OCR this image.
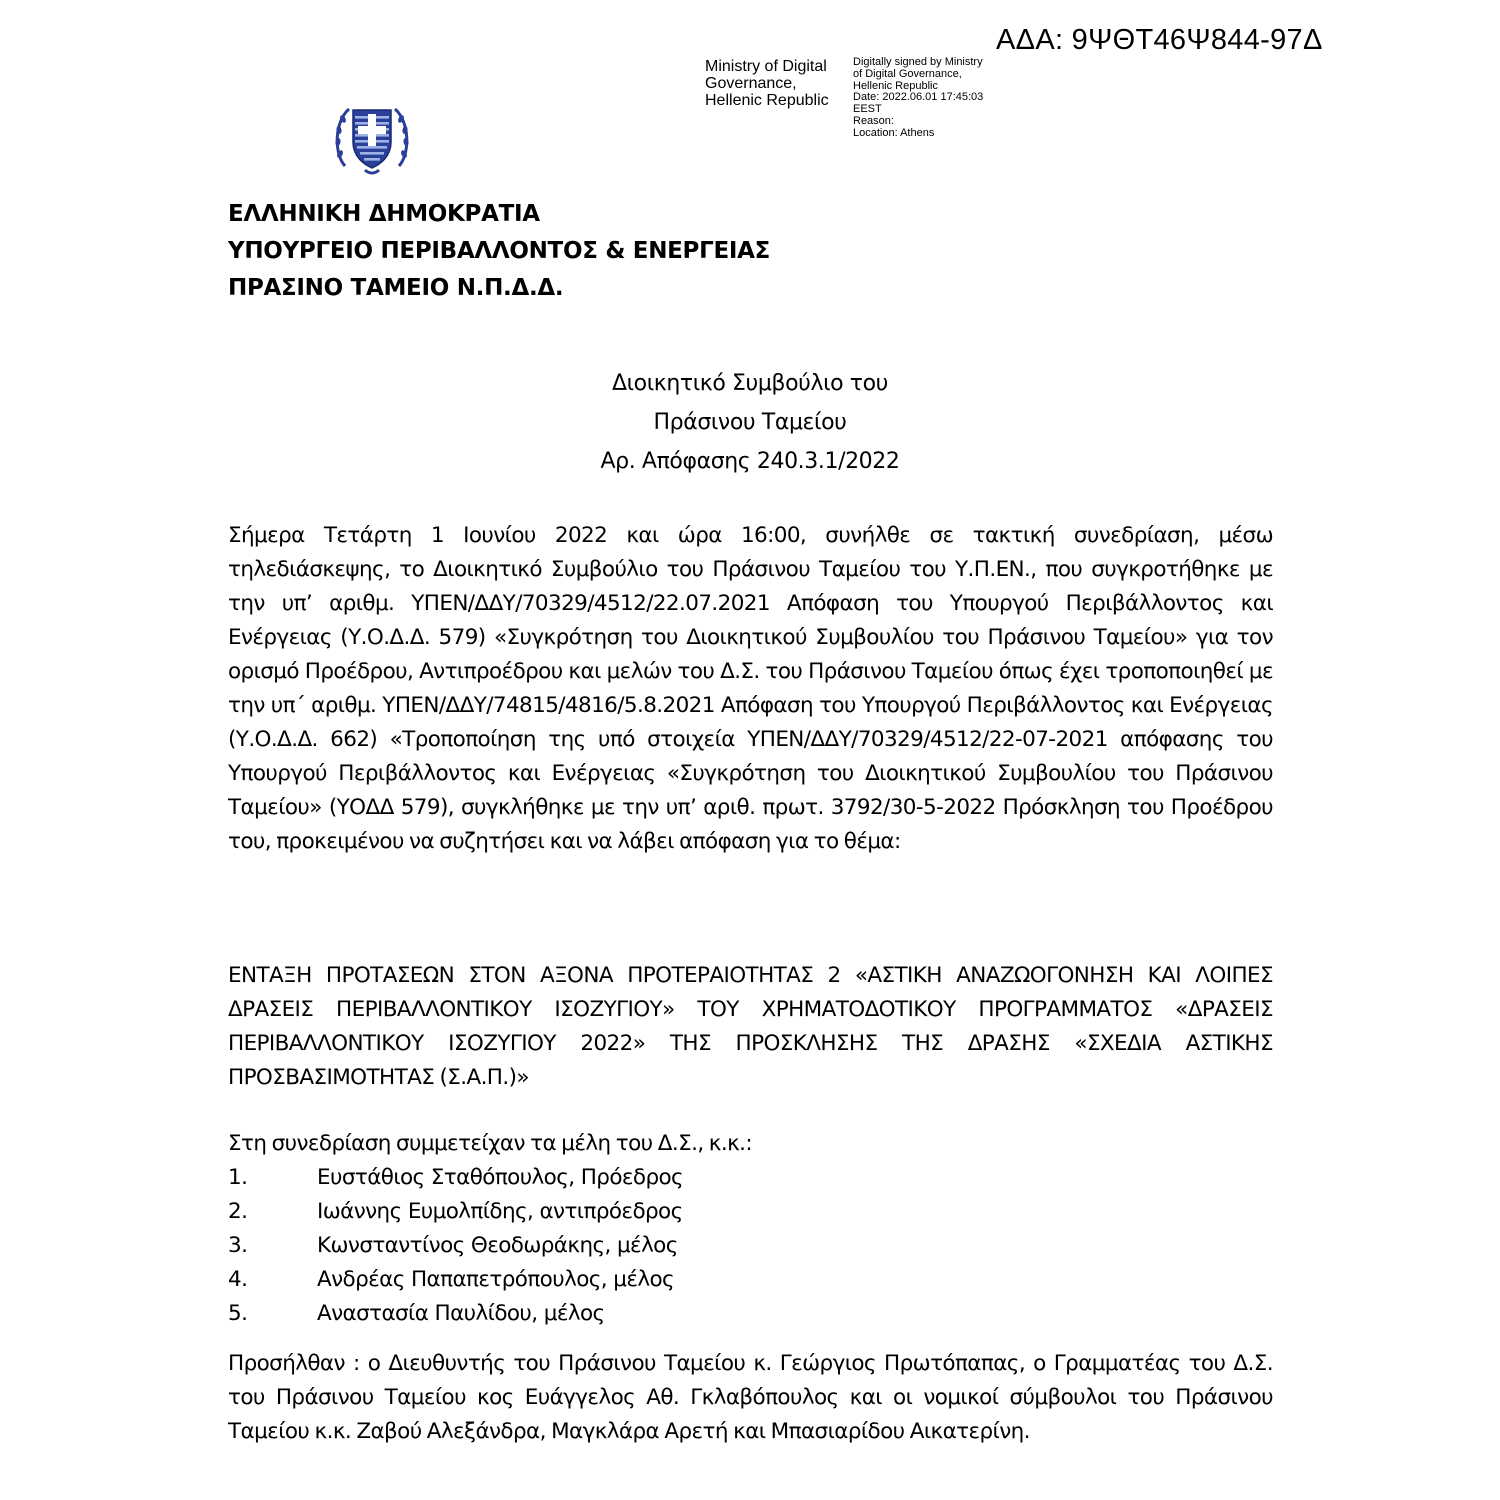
ΑΔΑ: 9ΨΘΤ46Ψ844-97Δ
Ministry of Digital
Governance,
Hellenic Republic
Digitally signed by Ministry
of Digital Governance,
Hellenic Republic
Date: 2022.06.01 17:45:03
EEST
Reason:
Location: Athens
ΕΛΛΗΝΙΚΗ ΔΗΜΟΚΡΑΤΙΑ
ΥΠΟΥΡΓΕΙΟ ΠΕΡΙΒΑΛΛΟΝΤΟΣ & ΕΝΕΡΓΕΙΑΣ
ΠΡΑΣΙΝΟ ΤΑΜΕΙΟ Ν.Π.Δ.Δ.
Διοικητικό Συμβούλιο του
Πράσινου Ταμείου
Αρ. Απόφασης 240.3.1/2022

Σήμερα Τετάρτη 1 Ιουνίου 2022 και ώρα 16:00, συνήλθε σε τακτική συνεδρίαση, μέσω τηλεδιάσκεψης, το Διοικητικό Συμβούλιο του Πράσινου Ταμείου του Υ.Π.ΕΝ., που συγκροτήθηκε με την υπ’ αριθμ. ΥΠΕΝ/ΔΔΥ/70329/4512/22.07.2021 Απόφαση του Υπουργού Περιβάλλοντος και Ενέργειας (Υ.Ο.Δ.Δ. 579) «Συγκρότηση του Διοικητικού Συμβουλίου του Πράσινου Ταμείου» για τον ορισμό Προέδρου, Αντιπροέδρου και μελών του Δ.Σ. του Πράσινου Ταμείου όπως έχει τροποποιηθεί με την υπ΄ αριθμ. ΥΠΕΝ/ΔΔΥ/74815/4816/5.8.2021 Απόφαση του Υπουργού Περιβάλλοντος και Ενέργειας (Υ.Ο.Δ.Δ. 662) «Τροποποίηση της υπό στοιχεία ΥΠΕΝ/ΔΔΥ/70329/4512/22-07-2021 απόφασης του Υπουργού Περιβάλλοντος και Ενέργειας «Συγκρότηση του Διοικητικού Συμβουλίου του Πράσινου Ταμείου» (ΥΟΔΔ 579), συγκλήθηκε με την υπ’ αριθ. πρωτ. 3792/30-5-2022 Πρόσκληση του Προέδρου του, προκειμένου να συζητήσει και να λάβει απόφαση για το θέμα:

ΕΝΤΑΞΗ ΠΡΟΤΑΣΕΩΝ ΣΤΟΝ ΑΞΟΝΑ ΠΡΟΤΕΡΑΙΟΤΗΤΑΣ 2 «ΑΣΤΙΚΗ ΑΝΑΖΩΟΓΟΝΗΣΗ ΚΑΙ ΛΟΙΠΕΣ ΔΡΑΣΕΙΣ ΠΕΡΙΒΑΛΛΟΝΤΙΚΟΥ ΙΣΟΖΥΓΙΟΥ» ΤΟΥ ΧΡΗΜΑΤΟΔΟΤΙΚΟΥ ΠΡΟΓΡΑΜΜΑΤΟΣ «ΔΡΑΣΕΙΣ ΠΕΡΙΒΑΛΛΟΝΤΙΚΟΥ ΙΣΟΖΥΓΙΟΥ 2022» ΤΗΣ ΠΡΟΣΚΛΗΣΗΣ ΤΗΣ ΔΡΑΣΗΣ «ΣΧΕΔΙΑ ΑΣΤΙΚΗΣ ΠΡΟΣΒΑΣΙΜΟΤΗΤΑΣ (Σ.Α.Π.)»

Στη συνεδρίαση συμμετείχαν τα μέλη του Δ.Σ., κ.κ.:

1.	Ευστάθιος Σταθόπουλος, Πρόεδρος
2.	Ιωάννης Ευμολπίδης, αντιπρόεδρος
3.	Κωνσταντίνος Θεοδωράκης, μέλος
4.	Ανδρέας Παπαπετρόπουλος, μέλος
5.	Αναστασία Παυλίδου, μέλος

Προσήλθαν : ο Διευθυντής του Πράσινου Ταμείου κ. Γεώργιος Πρωτόπαπας, ο Γραμματέας του Δ.Σ. του Πράσινου Ταμείου κος Ευάγγελος Αθ. Γκλαβόπουλος και οι νομικοί σύμβουλοι του Πράσινου Ταμείου κ.κ. Ζαβού Αλεξάνδρα, Μαγκλάρα Αρετή και Μπασιαρίδου Αικατερίνη.
